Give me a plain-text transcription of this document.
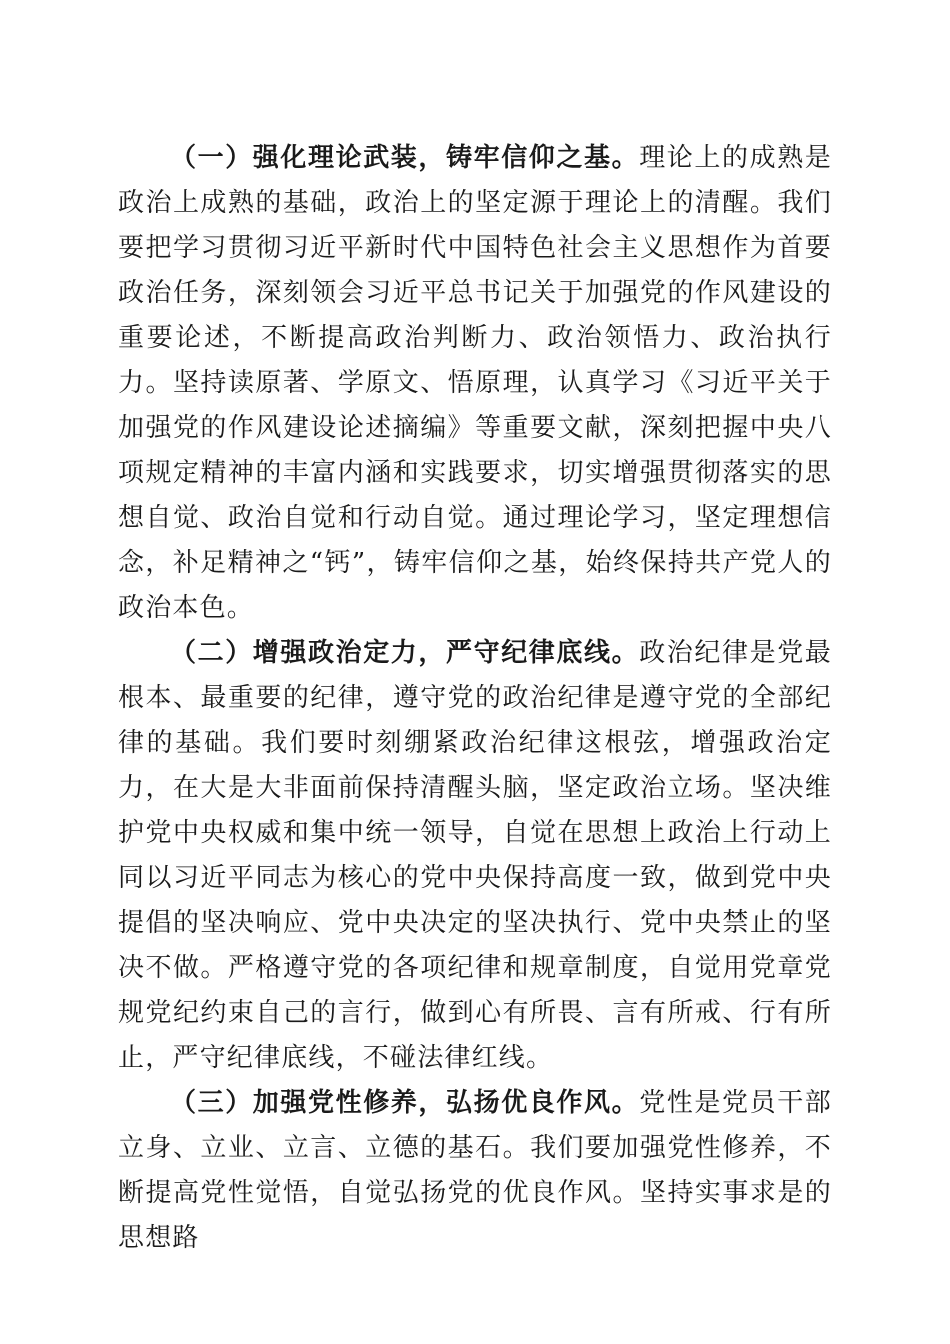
（一）强化理论武装，铸牢信仰之基。理论上的成熟是政治上成熟的基础，政治上的坚定源于理论上的清醒。我们要把学习贯彻习近平新时代中国特色社会主义思想作为首要政治任务，深刻领会习近平总书记关于加强党的作风建设的重要论述，不断提高政治判断力、政治领悟力、政治执行力。坚持读原著、学原文、悟原理，认真学习《习近平关于加强党的作风建设论述摘编》等重要文献，深刻把握中央八项规定精神的丰富内涵和实践要求，切实增强贯彻落实的思想自觉、政治自觉和行动自觉。通过理论学习，坚定理想信念，补足精神之“钙”，铸牢信仰之基，始终保持共产党人的政治本色。

（二）增强政治定力，严守纪律底线。政治纪律是党最根本、最重要的纪律，遵守党的政治纪律是遵守党的全部纪律的基础。我们要时刻绷紧政治纪律这根弦，增强政治定力，在大是大非面前保持清醒头脑，坚定政治立场。坚决维护党中央权威和集中统一领导，自觉在思想上政治上行动上同以习近平同志为核心的党中央保持高度一致，做到党中央提倡的坚决响应、党中央决定的坚决执行、党中央禁止的坚决不做。严格遵守党的各项纪律和规章制度，自觉用党章党规党纪约束自己的言行，做到心有所畏、言有所戒、行有所止，严守纪律底线，不碰法律红线。

（三）加强党性修养，弘扬优良作风。党性是党员干部立身、立业、立言、立德的基石。我们要加强党性修养，不断提高党性觉悟，自觉弘扬党的优良作风。坚持实事求是的思想路
